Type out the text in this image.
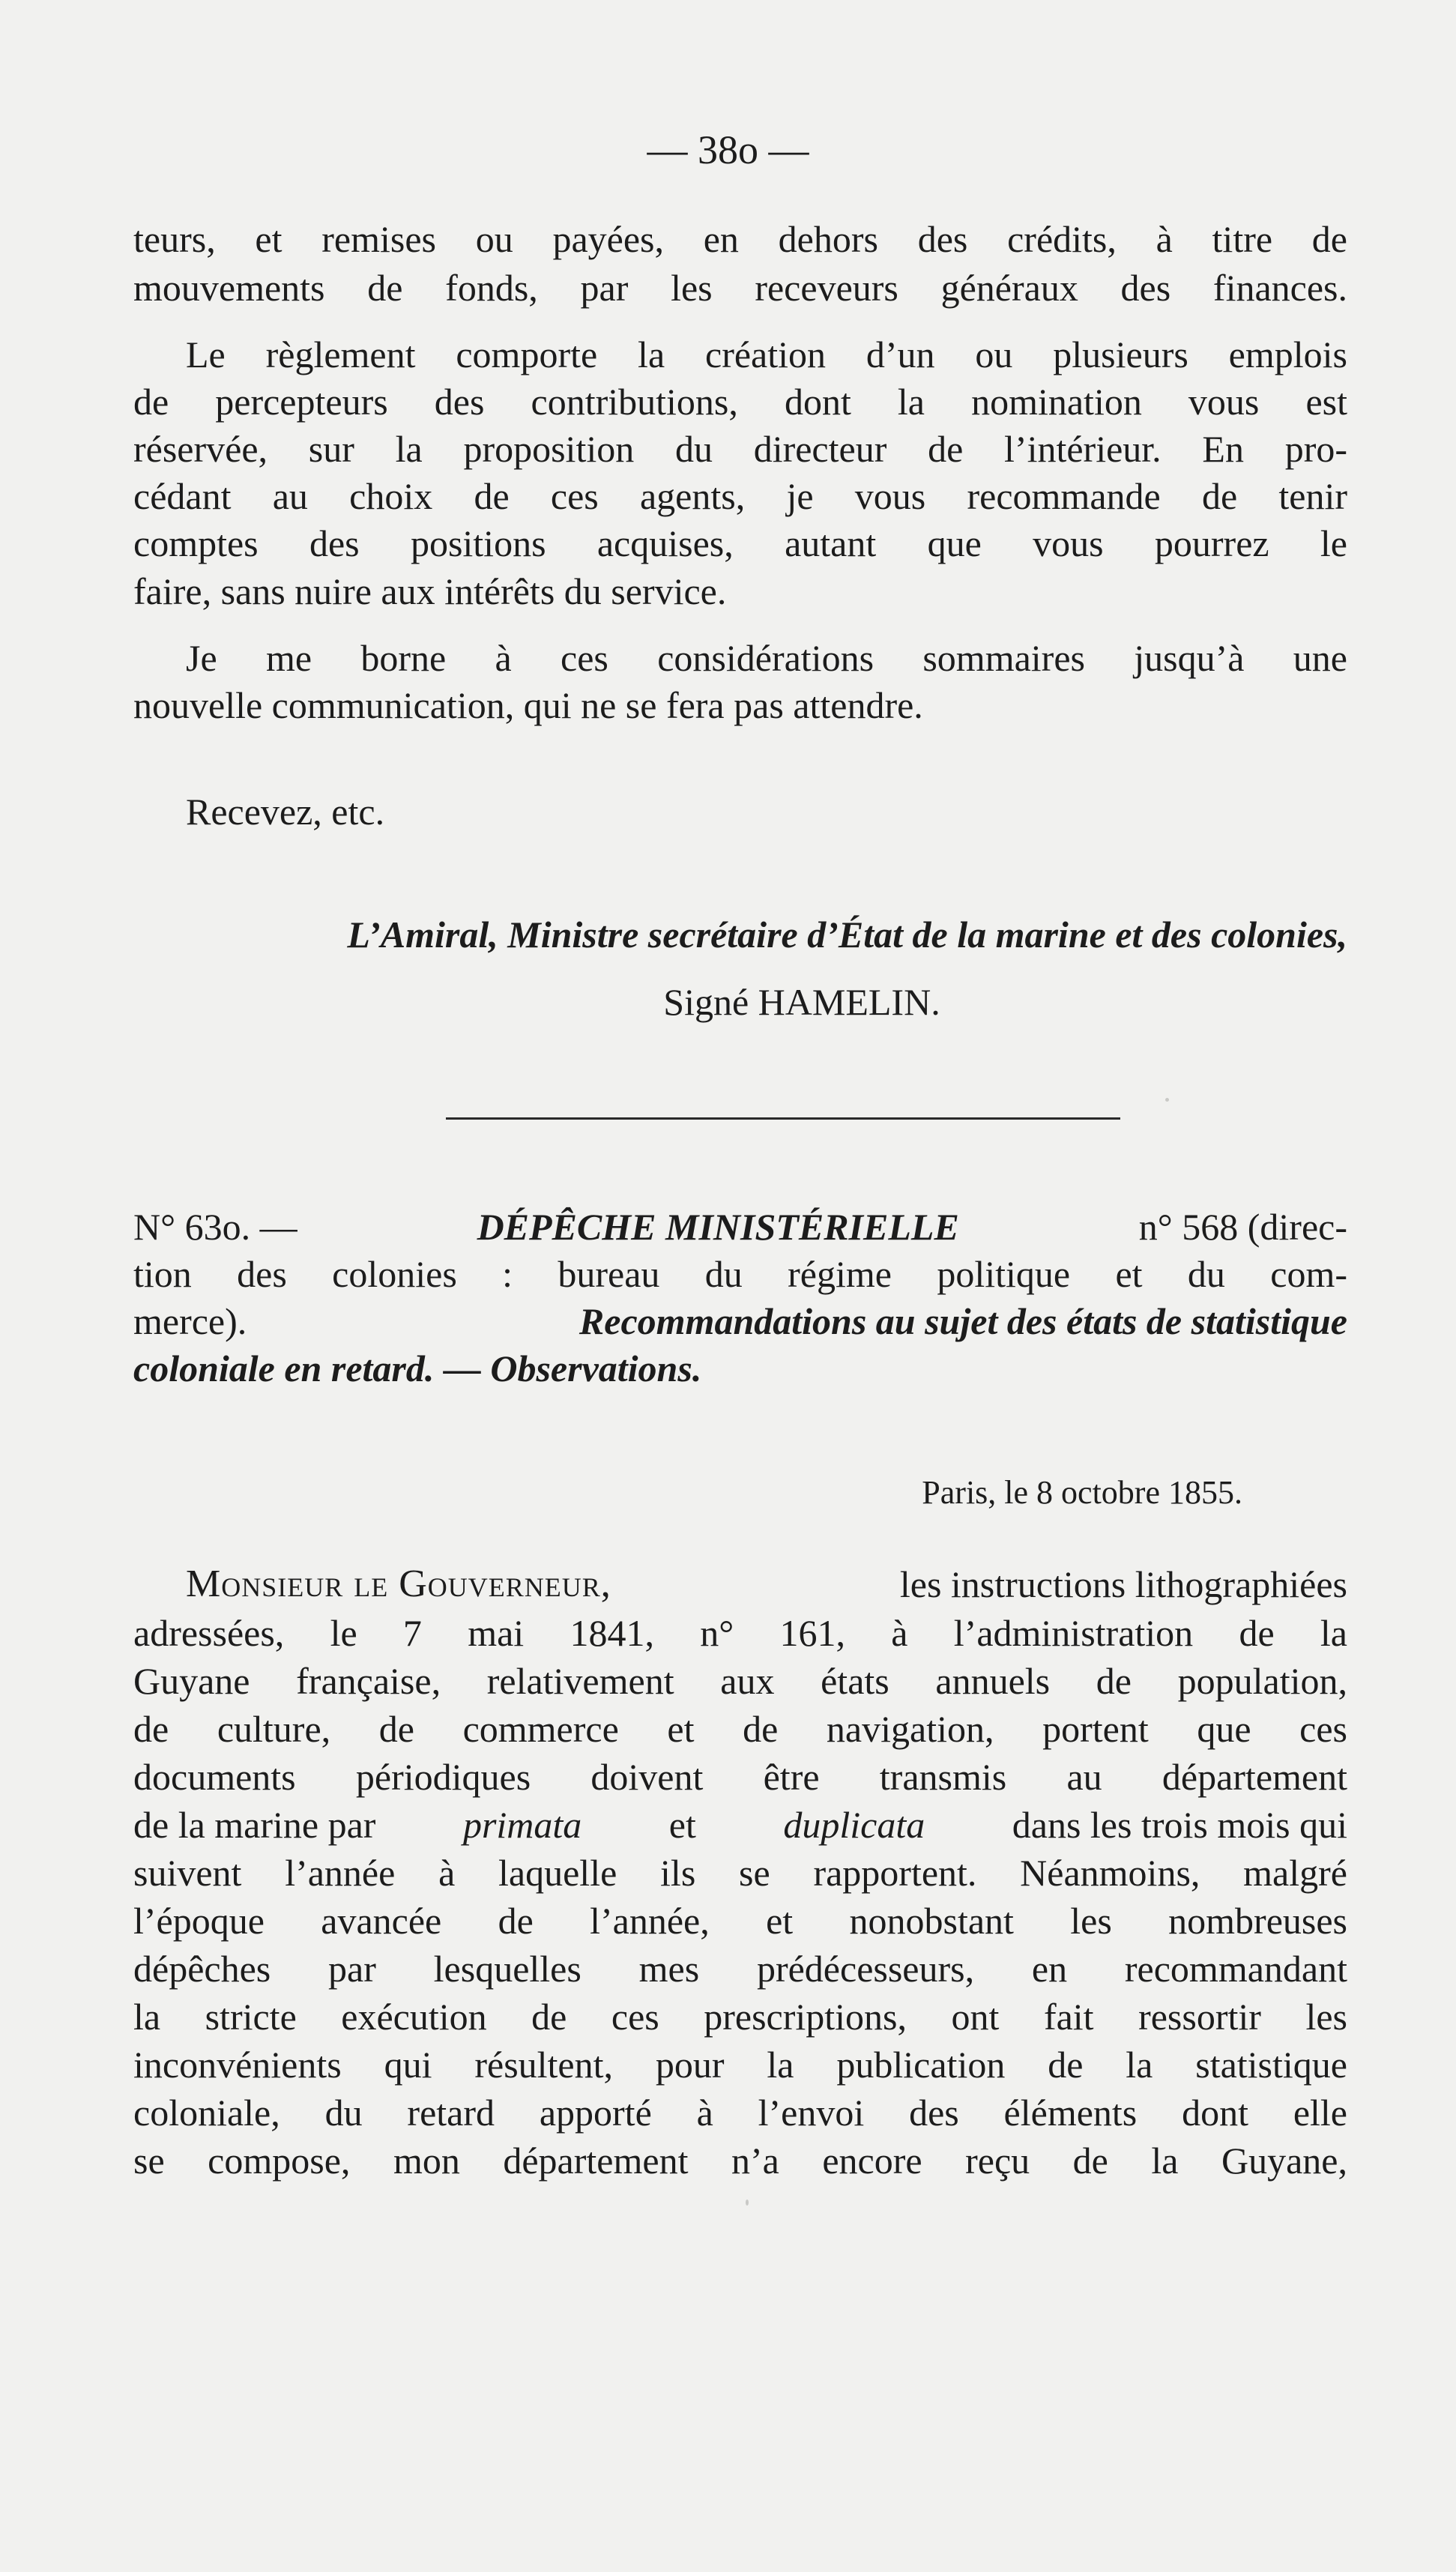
— 38o —
teurs, et remises ou payées, en dehors des crédits, à titre de
mouvements de fonds, par les receveurs généraux des finances.
Le règlement comporte la création d’un ou plusieurs emplois
de percepteurs des contributions, dont la nomination vous est
réservée, sur la proposition du directeur de l’intérieur. En pro-
cédant au choix de ces agents, je vous recommande de tenir
comptes des positions acquises, autant que vous pourrez le
faire, sans nuire aux intérêts du service.
Je me borne à ces considérations sommaires jusqu’à une
nouvelle communication, qui ne se fera pas attendre.
Recevez, etc.
L’Amiral, Ministre secrétaire d’État de la marine et des colonies,
Signé HAMELIN.
N° 63o. —	DÉPÊCHE MINISTÉRIELLE	n° 568 (direc-
tion des colonies : bureau du régime politique et du com-
merce).	Recommandations au sujet des états de statistique
coloniale en retard. — Observations.
Paris, le 8 octobre 1855.
Monsieur le Gouverneur,	les instructions lithographiées
adressées, le 7 mai 1841, n° 161, à l’administration de la
Guyane française, relativement aux états annuels de population,
de culture, de commerce et de navigation, portent que ces
documents périodiques doivent être transmis au département
de la marine par primata et duplicata dans les trois mois qui
suivent l’année à laquelle ils se rapportent. Néanmoins, malgré
l’époque avancée de l’année, et nonobstant les nombreuses
dépêches par lesquelles mes prédécesseurs, en recommandant
la stricte exécution de ces prescriptions, ont fait ressortir les
inconvénients qui résultent, pour la publication de la statistique
coloniale, du retard apporté à l’envoi des éléments dont elle
se compose, mon département n’a encore reçu de la Guyane,
